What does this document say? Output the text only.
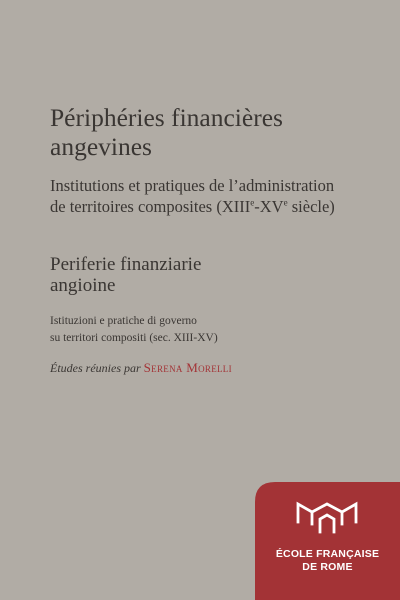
Périphéries financières
angevines
Institutions et pratiques de l’administration
de territoires composites (XIIIe-XVe siècle)
Periferie finanziarie
angioine
Istituzioni e pratiche di governo
su territori compositi (sec. XIII-XV)
Études réunies par Serena Morelli
ÉCOLE FRANÇAISE
DE ROME
